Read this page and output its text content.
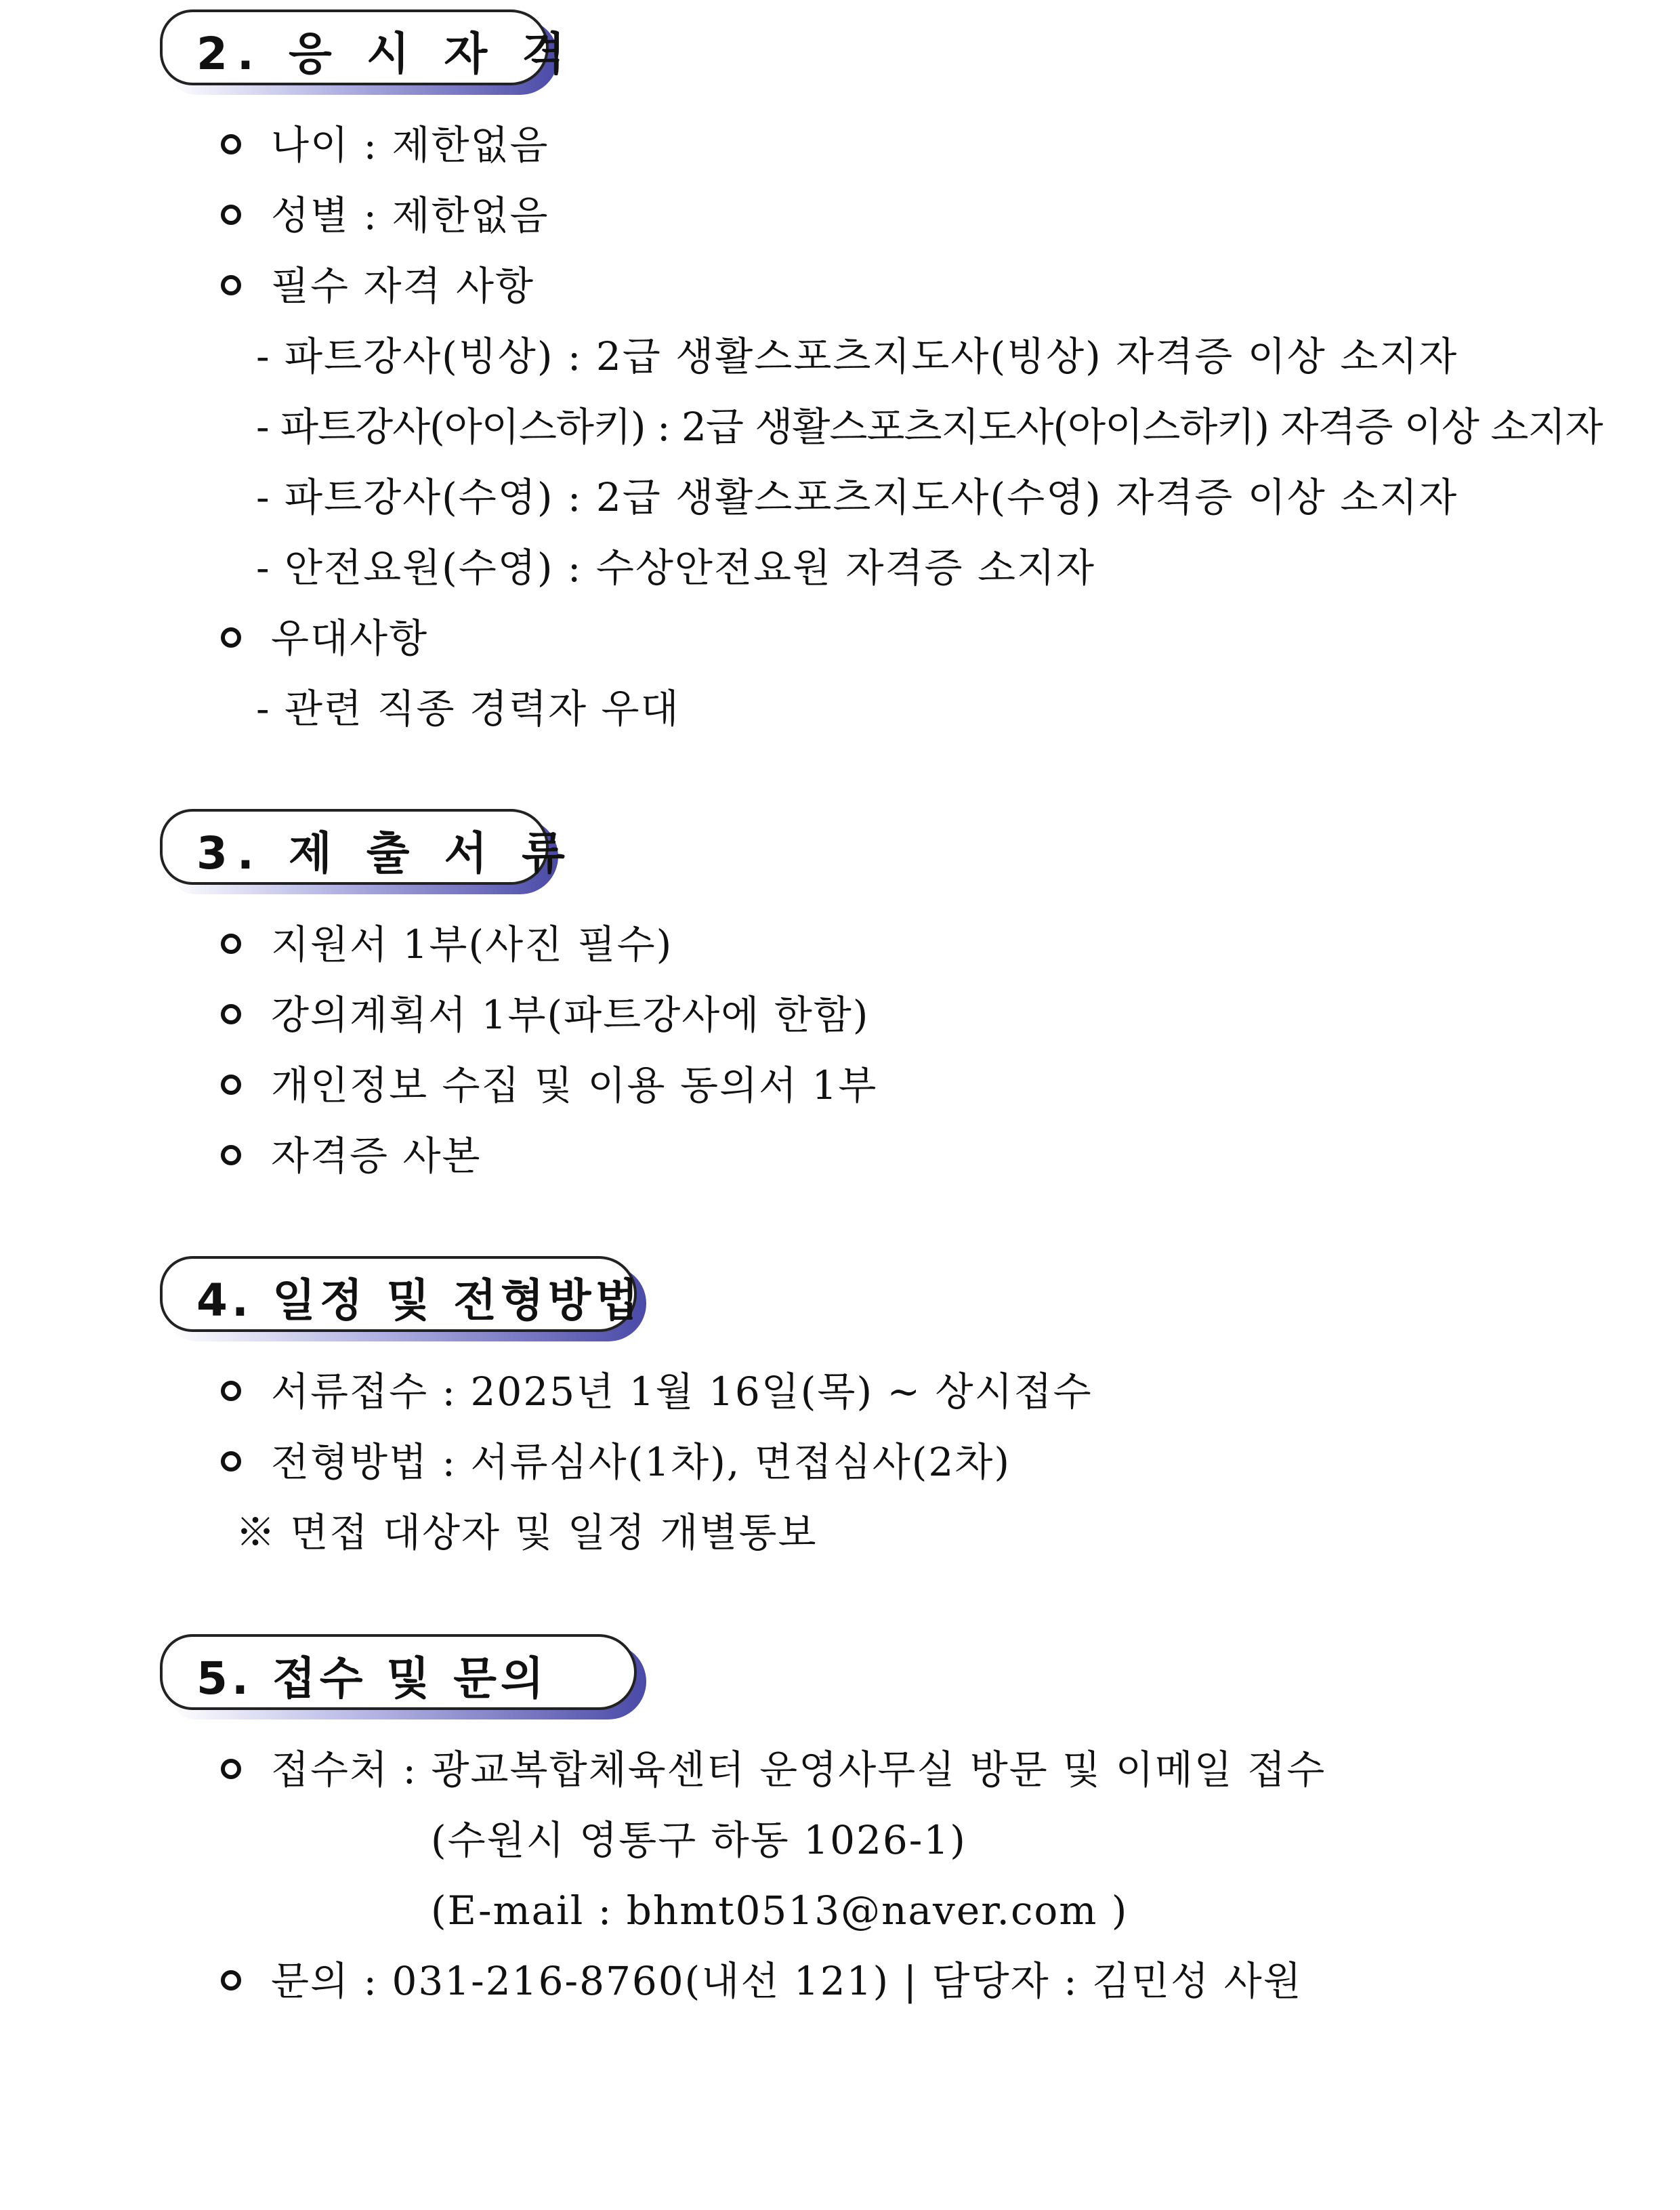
2. 응 시 자 격
나이 : 제한없음
성별 : 제한없음
필수 자격 사항
- 파트강사(빙상) : 2급 생활스포츠지도사(빙상) 자격증 이상 소지자
- 파트강사(아이스하키) : 2급 생활스포츠지도사(아이스하키) 자격증 이상 소지자
- 파트강사(수영) : 2급 생활스포츠지도사(수영) 자격증 이상 소지자
- 안전요원(수영) : 수상안전요원 자격증 소지자
우대사항
- 관련 직종 경력자 우대
3. 제 출 서 류
지원서 1부(사진 필수)
강의계획서 1부(파트강사에 한함)
개인정보 수집 및 이용 동의서 1부
자격증 사본
4. 일정 및 전형방법
서류접수 : 2025년 1월 16일(목) ~ 상시접수
전형방법 : 서류심사(1차), 면접심사(2차)
※ 면접 대상자 및 일정 개별통보
5. 접수 및 문의
접수처 : 광교복합체육센터 운영사무실 방문 및 이메일 접수
(수원시 영통구 하동 1026-1)
(E-mail : bhmt0513@naver.com )
문의 : 031-216-8760(내선 121) | 담당자 : 김민성 사원
